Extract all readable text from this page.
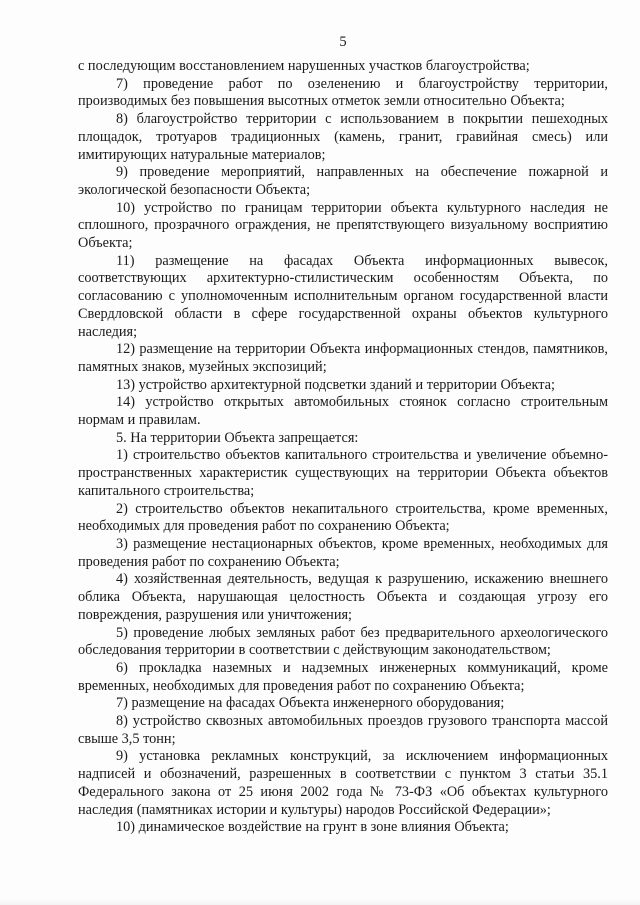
5

с последующим восстановлением нарушенных участков благоустройства;

7) проведение работ по озеленению и благоустройству территории, производимых без повышения высотных отметок земли относительно Объекта;

8) благоустройство территории с использованием в покрытии пешеходных площадок, тротуаров традиционных (камень, гранит, гравийная смесь) или имитирующих натуральные материалов;

9) проведение мероприятий, направленных на обеспечение пожарной и экологической безопасности Объекта;

10) устройство по границам территории объекта культурного наследия не сплошного, прозрачного ограждения, не препятствующего визуальному восприятию Объекта;

11) размещение на фасадах Объекта информационных вывесок, соответствующих архитектурно-стилистическим особенностям Объекта, по согласованию с уполномоченным исполнительным органом государственной власти Свердловской области в сфере государственной охраны объектов культурного наследия;

12) размещение на территории Объекта информационных стендов, памятников, памятных знаков, музейных экспозиций;

13) устройство архитектурной подсветки зданий и территории Объекта;

14) устройство открытых автомобильных стоянок согласно строительным нормам и правилам.

5. На территории Объекта запрещается:

1) строительство объектов капитального строительства и увеличение объемно-пространственных характеристик существующих на территории Объекта объектов капитального строительства;

2) строительство объектов некапитального строительства, кроме временных, необходимых для проведения работ по сохранению Объекта;

3) размещение нестационарных объектов, кроме временных, необходимых для проведения работ по сохранению Объекта;

4) хозяйственная деятельность, ведущая к разрушению, искажению внешнего облика Объекта, нарушающая целостность Объекта и создающая угрозу его повреждения, разрушения или уничтожения;

5) проведение любых земляных работ без предварительного археологического обследования территории в соответствии с действующим законодательством;

6) прокладка наземных и надземных инженерных коммуникаций, кроме временных, необходимых для проведения работ по сохранению Объекта;

7) размещение на фасадах Объекта инженерного оборудования;

8) устройство сквозных автомобильных проездов грузового транспорта массой свыше 3,5 тонн;

9) установка рекламных конструкций, за исключением информационных надписей и обозначений, разрешенных в соответствии с пунктом 3 статьи 35.1 Федерального закона от 25 июня 2002 года № 73-ФЗ «Об объектах культурного наследия (памятниках истории и культуры) народов Российской Федерации»;

10) динамическое воздействие на грунт в зоне влияния Объекта;
